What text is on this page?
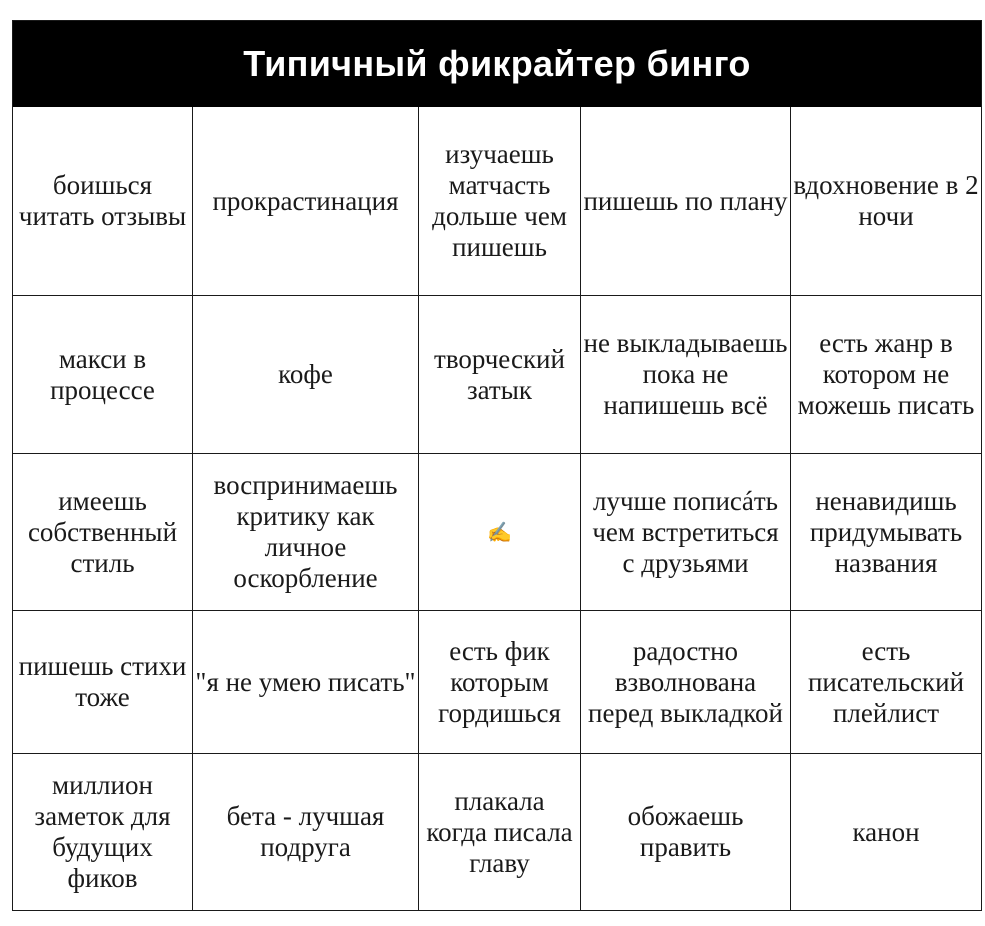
Типичный фикрайтер бинго
боишься читать отзывы
прокрастинация
изучаешь матчасть дольше чем пишешь
пишешь по плану
вдохновение в 2 ночи
макси в процессе
кофе
творческий затык
не выкладываешь пока не напишешь всё
есть жанр в котором не можешь писать
имеешь собственный стиль
воспринимаешь критику как личное оскорбление
✍️
лучше пописáть чем встретиться с друзьями
ненавидишь придумывать названия
пишешь стихи тоже
"я не умею писать"
есть фик которым гордишься
радостно взволнована перед выкладкой
есть писательский плейлист
миллион заметок для будущих фиков
бета - лучшая подруга
плакала когда писала главу
обожаешь править
канон
